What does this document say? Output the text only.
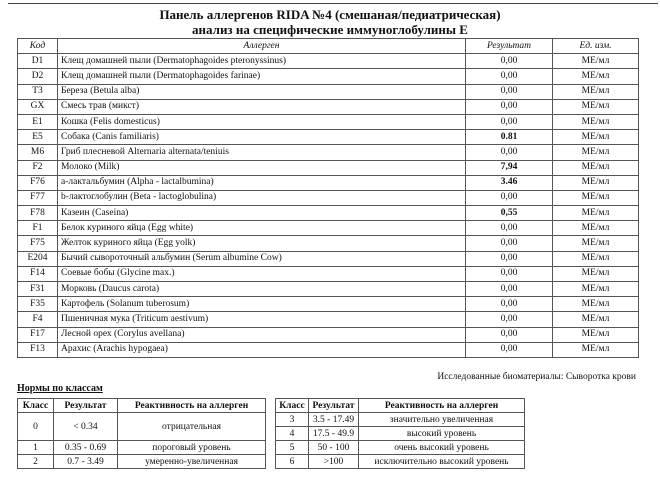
Панель аллергенов RIDA №4 (смешаная/педиатрическая)
анализ на специфические иммуноглобулины Е
Код	Аллерген	Результат	Ед. изм.
D1	Клещ домашней пыли (Dermatophagoides pteronyssinus)	0,00	МЕ/мл
D2	Клещ домашней пыли (Dermatophagoides farinae)	0,00	МЕ/мл
T3	Береза (Betula alba)	0,00	МЕ/мл
GX	Смесь трав (микст)	0,00	МЕ/мл
E1	Кошка (Felis domesticus)	0,00	МЕ/мл
E5	Собака (Canis familiaris)	0.81	МЕ/мл
M6	Гриб плесневой Alternaria alternata/teniuis	0,00	МЕ/мл
F2	Молоко (Milk)	7,94	МЕ/мл
F76	а-лактальбумин (Alpha - lactalbumina)	3.46	МЕ/мл
F77	b-лактоглобулин (Beta - lactoglobulina)	0,00	МЕ/мл
F78	Казеин (Caseina)	0,55	МЕ/мл
F1	Белок куриного яйца (Egg white)	0,00	МЕ/мл
F75	Желток куриного яйца (Egg yolk)	0,00	МЕ/мл
E204	Бычий сывороточный альбумин (Serum albumine Cow)	0,00	МЕ/мл
F14	Соевые бобы (Glycine max.)	0,00	МЕ/мл
F31	Морковь (Daucus carota)	0,00	МЕ/мл
F35	Картофель (Solanum tuberosum)	0,00	МЕ/мл
F4	Пшеничная мука (Triticum aestivum)	0,00	МЕ/мл
F17	Лесной орех (Corylus avellana)	0,00	МЕ/мл
F13	Арахис (Arachis hypogaea)	0,00	МЕ/мл
Исследованные биоматериалы: Сыворотка крови
Нормы по классам
Класс	Результат	Реактивность на аллерген
0	< 0.34	отрицательная
1	0.35 - 0.69	пороговый уровень
2	0.7 - 3.49	умеренно-увеличенная
Класс	Результат	Реактивность на аллерген
3	3.5 - 17.49	значительно увеличенная
4	17.5 - 49.9	высокий уровень
5	50 - 100	очень высокий уровень
6	>100	исключительно высокий уровень
